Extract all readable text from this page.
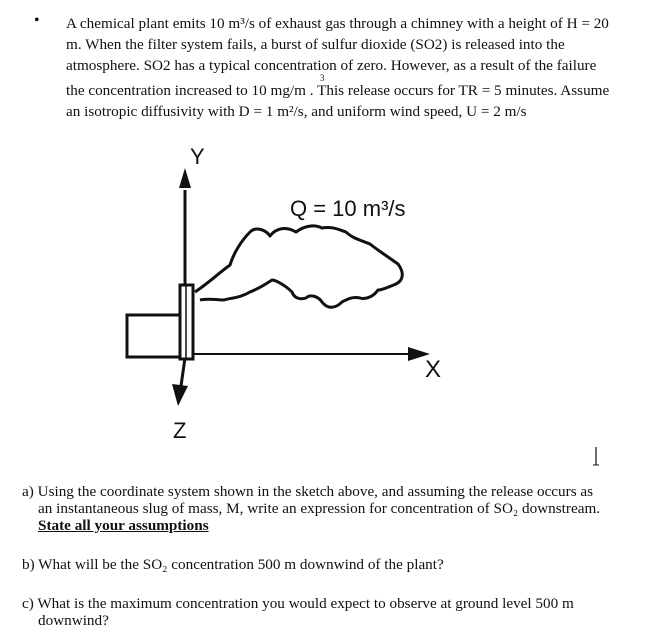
• A chemical plant emits 10 m³/s of exhaust gas through a chimney with a height of H = 20

m. When the filter system fails, a burst of sulfur dioxide (SO2) is released into the

atmosphere. SO2 has a typical concentration of zero. However, as a result of the failure

the concentration increased to 10 mg/m . This release occurs for TR = 5 minutes. Assume
3

an isotropic diffusivity with D = 1 m²/s, and uniform wind speed, U = 2 m/s

Y
X
Z
Q = 10 m³/s

a) Using the coordinate system shown in the sketch above, and assuming the release occurs as

an instantaneous slug of mass, M, write an expression for concentration of SO₂ downstream.

State all your assumptions

b) What will be the SO₂ concentration 500 m downwind of the plant?

c) What is the maximum concentration you would expect to observe at ground level 500 m

downwind?
